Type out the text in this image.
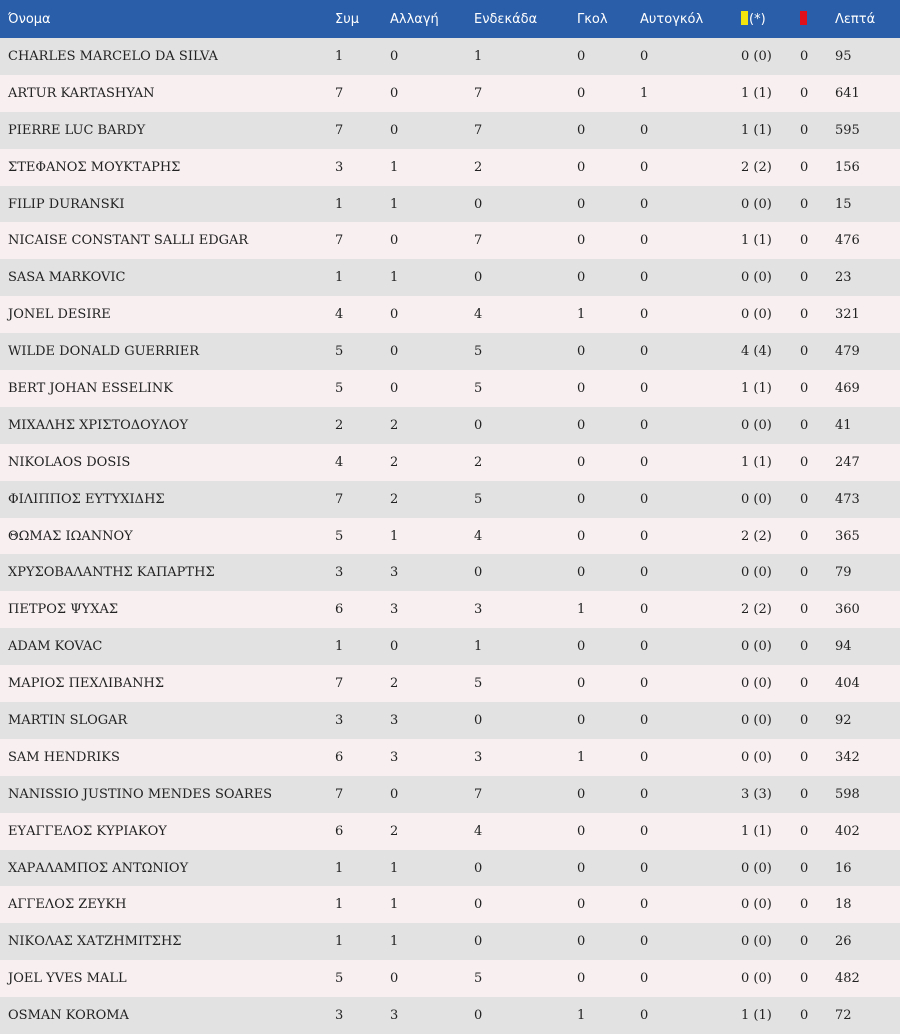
Όνομα	Συμ	Αλλαγή	Ενδεκάδα	Γκολ	Αυτογκόλ	(*)		Λεπτά
CHARLES MARCELO DA SILVA	1	0	1	0	0	0 (0)	0	95
ARTUR KARTASHYAN	7	0	7	0	1	1 (1)	0	641
PIERRE LUC BARDY	7	0	7	0	0	1 (1)	0	595
ΣΤΕΦΑΝΟΣ ΜΟΥΚΤΑΡΗΣ	3	1	2	0	0	2 (2)	0	156
FILIP DURANSKI	1	1	0	0	0	0 (0)	0	15
NICAISE CONSTANT SALLI EDGAR	7	0	7	0	0	1 (1)	0	476
SASA MARKOVIC	1	1	0	0	0	0 (0)	0	23
JONEL DESIRE	4	0	4	1	0	0 (0)	0	321
WILDE DONALD GUERRIER	5	0	5	0	0	4 (4)	0	479
BERT JOHAN ESSELINK	5	0	5	0	0	1 (1)	0	469
ΜΙΧΑΛΗΣ ΧΡΙΣΤΟΔΟΥΛΟΥ	2	2	0	0	0	0 (0)	0	41
NIKOLAOS DOSIS	4	2	2	0	0	1 (1)	0	247
ΦΙΛΙΠΠΟΣ ΕΥΤΥΧΙΔΗΣ	7	2	5	0	0	0 (0)	0	473
ΘΩΜΑΣ ΙΩΑΝΝΟΥ	5	1	4	0	0	2 (2)	0	365
ΧΡΥΣΟΒΑΛΑΝΤΗΣ ΚΑΠΑΡΤΗΣ	3	3	0	0	0	0 (0)	0	79
ΠΕΤΡΟΣ ΨΥΧΑΣ	6	3	3	1	0	2 (2)	0	360
ADAM KOVAC	1	0	1	0	0	0 (0)	0	94
ΜΑΡΙΟΣ ΠΕΧΛΙΒΑΝΗΣ	7	2	5	0	0	0 (0)	0	404
MARTIN SLOGAR	3	3	0	0	0	0 (0)	0	92
SAM HENDRIKS	6	3	3	1	0	0 (0)	0	342
NANISSIO JUSTINO MENDES SOARES	7	0	7	0	0	3 (3)	0	598
ΕΥΑΓΓΕΛΟΣ ΚΥΡΙΑΚΟΥ	6	2	4	0	0	1 (1)	0	402
ΧΑΡΑΛΑΜΠΟΣ ΑΝΤΩΝΙΟΥ	1	1	0	0	0	0 (0)	0	16
ΑΓΓΕΛΟΣ ΖΕΥΚΗ	1	1	0	0	0	0 (0)	0	18
ΝΙΚΟΛΑΣ ΧΑΤΖΗΜΙΤΣΗΣ	1	1	0	0	0	0 (0)	0	26
JOEL YVES MALL	5	0	5	0	0	0 (0)	0	482
OSMAN KOROMA	3	3	0	1	0	1 (1)	0	72
